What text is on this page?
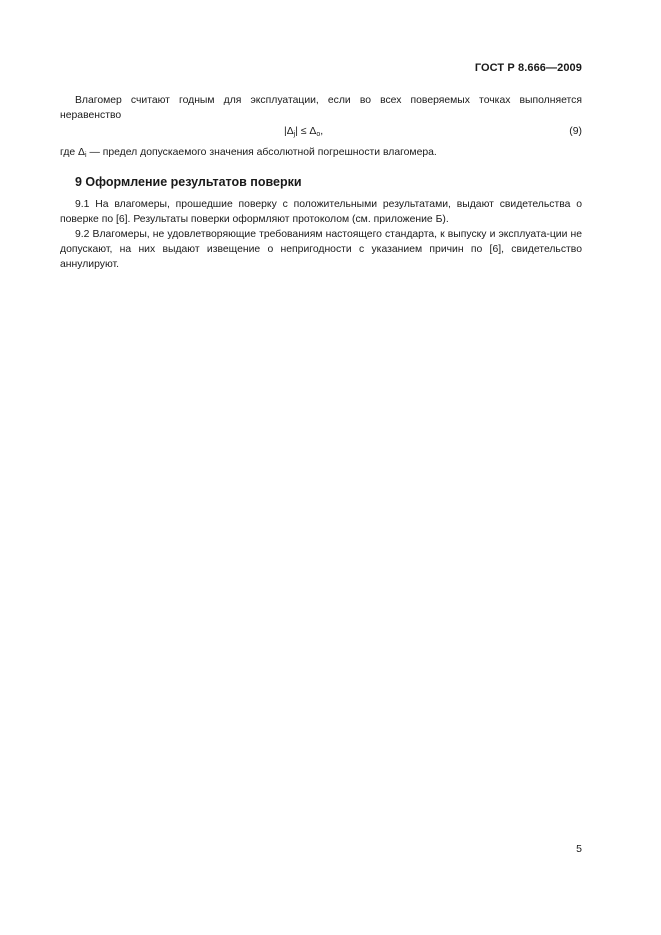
ГОСТ Р 8.666—2009
Влагомер считают годным для эксплуатации, если во всех поверяемых точках выполняется неравенство
$|\Delta_j| \le \Delta_o$,	(9)
где $\Delta_i$ — предел допускаемого значения абсолютной погрешности влагомера.
9 Оформление результатов поверки
9.1 На влагомеры, прошедшие поверку с положительными результатами, выдают свидетельства о поверке по [6]. Результаты поверки оформляют протоколом (см. приложение Б).
9.2 Влагомеры, не удовлетворяющие требованиям настоящего стандарта, к выпуску и эксплуата-ции не допускают, на них выдают извещение о непригодности с указанием причин по [6], свидетельство аннулируют.
5
